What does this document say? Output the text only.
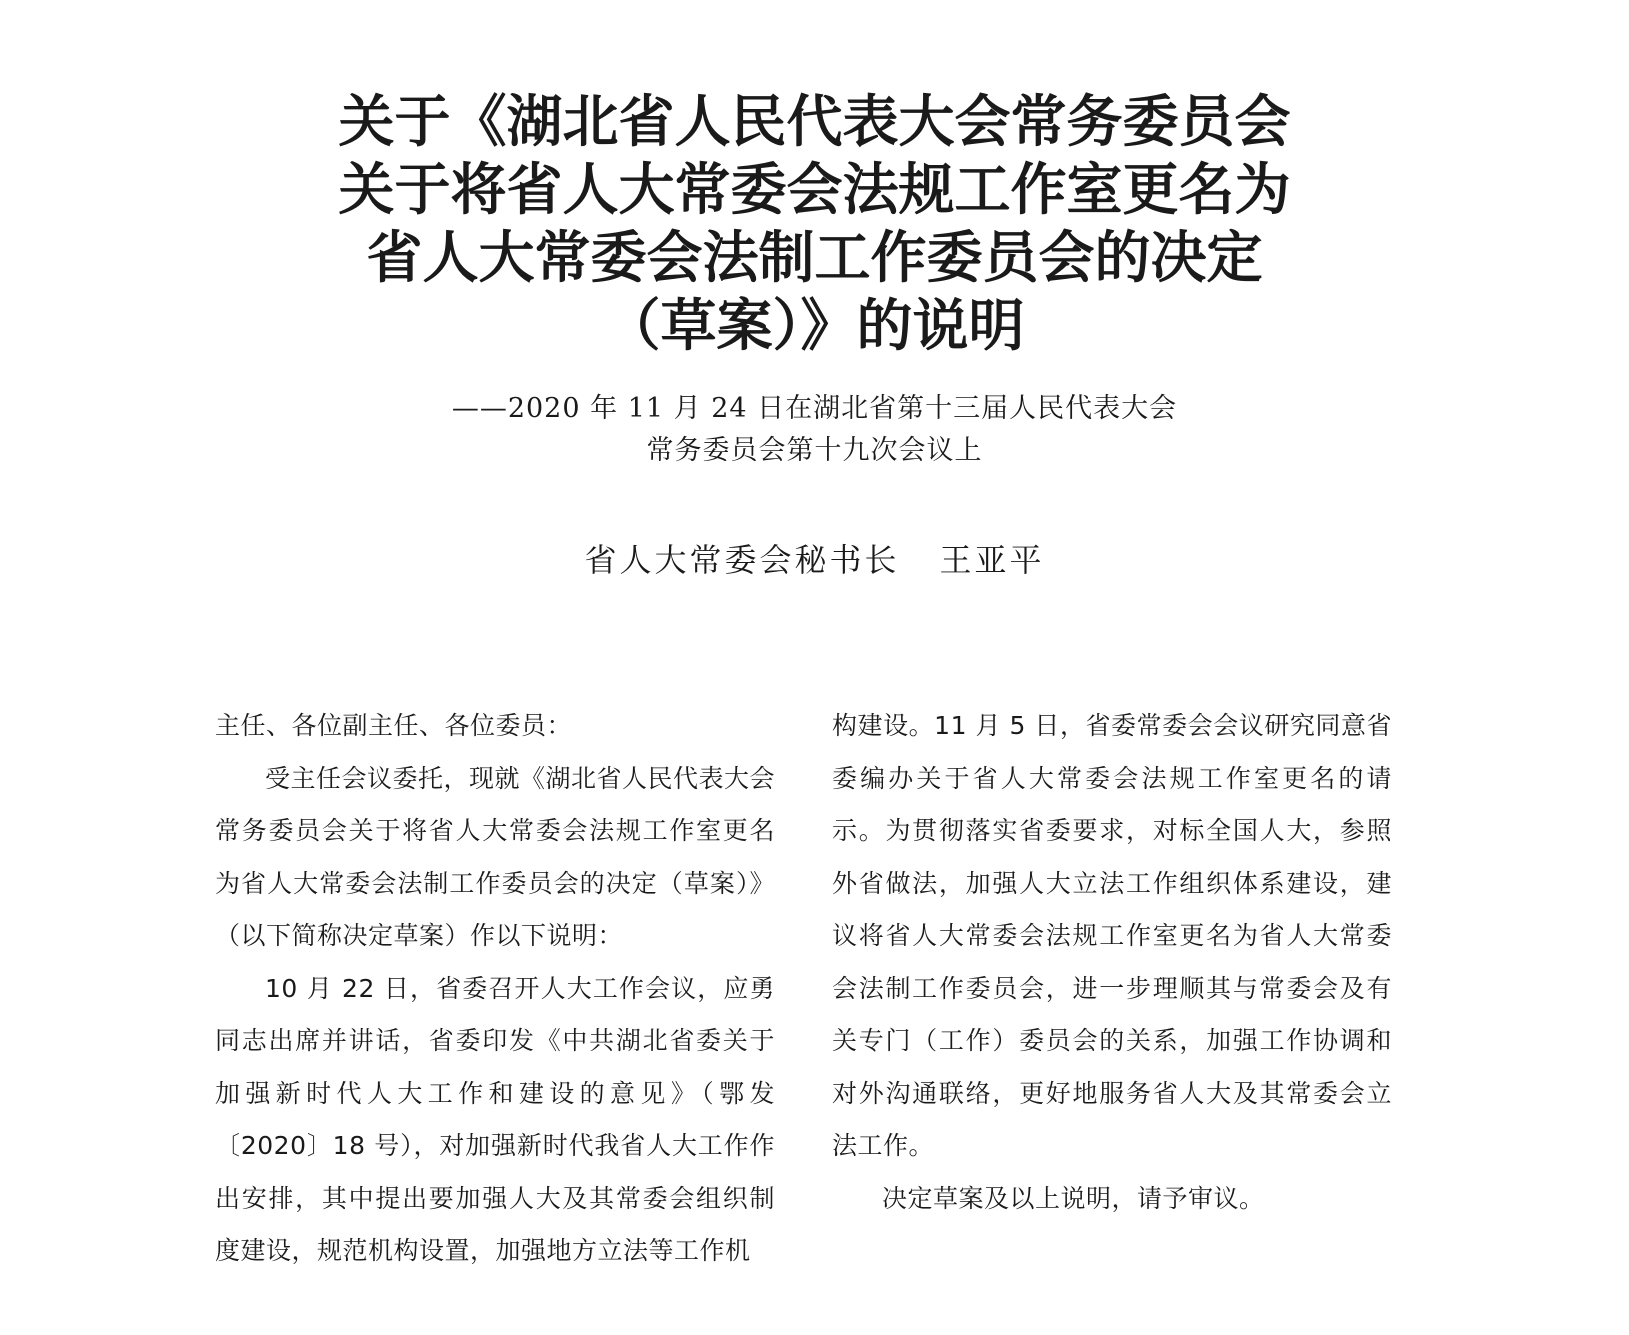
关于《湖北省人民代表大会常务委员会
关于将省人大常委会法规工作室更名为
省人大常委会法制工作委员会的决定
（草案）》的说明
——2020 年 11 月 24 日在湖北省第十三届人民代表大会
常务委员会第十九次会议上
省人大常委会秘书长 王亚平

主任、各位副主任、各位委员：

受主任会议委托，现就《湖北省人民代表大会常务委员会关于将省人大常委会法规工作室更名为省人大常委会法制工作委员会的决定（草案）》（以下简称决定草案）作以下说明：

10 月 22 日，省委召开人大工作会议，应勇同志出席并讲话，省委印发《中共湖北省委关于加强新时代人大工作和建设的意见》（鄂发〔2020〕18 号），对加强新时代我省人大工作作出安排，其中提出要加强人大及其常委会组织制度建设，规范机构设置，加强地方立法等工作机

构建设。11 月 5 日，省委常委会会议研究同意省委编办关于省人大常委会法规工作室更名的请示。为贯彻落实省委要求，对标全国人大，参照外省做法，加强人大立法工作组织体系建设，建议将省人大常委会法规工作室更名为省人大常委会法制工作委员会，进一步理顺其与常委会及有关专门（工作）委员会的关系，加强工作协调和对外沟通联络，更好地服务省人大及其常委会立法工作。

决定草案及以上说明，请予审议。
